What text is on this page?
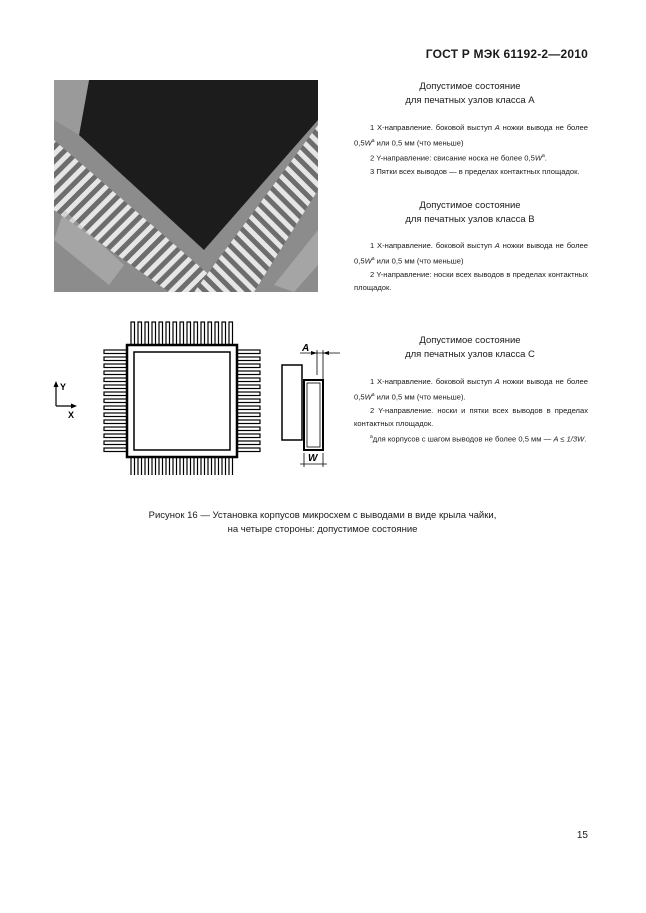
ГОСТ Р МЭК 61192-2—2010
Допустимое состояние
для печатных узлов класса А

1 X-направление. боковой выступ A ножки вывода не более $0,5W^a$ или 0,5 мм (что меньше)

2 Y-направление: свисание носка не более $0,5W^a$.

3 Пятки всех выводов — в пределах контактных площадок.

Допустимое состояние
для печатных узлов класса В

1 X-направление. боковой выступ A ножки вывода не более $0,5W^a$ или 0,5 мм (что меньше)

2 Y-направление: носки всех выводов в пределах контактных площадок.

Допустимое состояние
для печатных узлов класса С

1 X-направление. боковой выступ A ножки вывода не более $0,5W^a$ или 0,5 мм (что меньше).

2 Y-направление. носки и пятки всех выводов в пределах контактных площадок.

$^a$для корпусов с шагом выводов не более 0,5 мм — A ≤ 1/3W.

A
W
Y
X
Рисунок 16 — Установка корпусов микросхем с выводами в виде крыла чайки,
на четыре стороны: допустимое состояние
15
